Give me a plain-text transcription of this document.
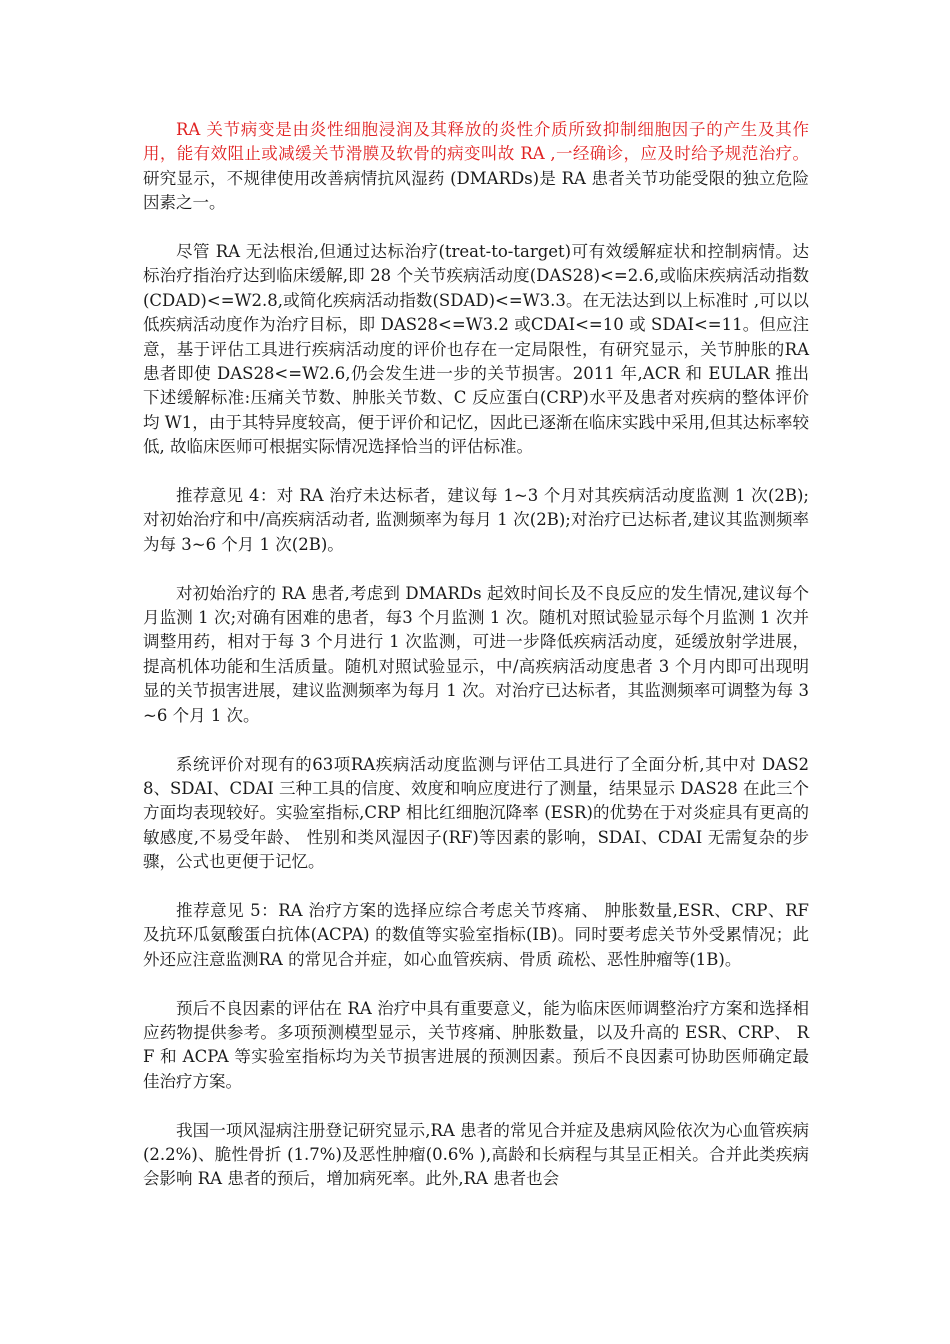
RA 关节病变是由炎性细胞浸润及其释放的炎性介质所致抑制细胞因子的产生及其作用，能有效阻止或减缓关节滑膜及软骨的病变叫故 RA ,一经确诊，应及时给予规范治疗。 研究显示，不规律使用改善病情抗风湿药 (DMARDs)是 RA 患者关节功能受限的独立危险因素之一。

尽管 RA 无法根治,但通过达标治疗(treat-to-target)可有效缓解症状和控制病情。达标治疗指治疗达到临床缓解,即 28 个关节疾病活动度(DAS28)<=2.6,或临床疾病活动指数(CDAD)<=W2.8,或简化疾病活动指数(SDAD)<=W3.3。在无法达到以上标准时 ,可以以低疾病活动度作为治疗目标，即 DAS28<=W3.2 或CDAI<=10 或 SDAI<=11。但应注意，基于评估工具进行疾病活动度的评价也存在一定局限性，有研究显示，关节肿胀的RA 患者即使 DAS28<=W2.6,仍会发生进一步的关节损害。2011 年,ACR 和 EULAR 推出下述缓解标准:压痛关节数、肿胀关节数、C 反应蛋白(CRP)水平及患者对疾病的整体评价均 W1，由于其特异度较高，便于评价和记忆，因此已逐渐在临床实践中采用,但其达标率较低, 故临床医师可根据实际情况选择恰当的评估标准。

推荐意见 4：对 RA 治疗未达标者，建议每 1~3 个月对其疾病活动度监测 1 次(2B);对初始治疗和中/高疾病活动者, 监测频率为每月 1 次(2B);对治疗已达标者,建议其监测频率为每 3~6 个月 1 次(2B)。

对初始治疗的 RA 患者,考虑到 DMARDs 起效时间长及不良反应的发生情况,建议每个月监测 1 次;对确有困难的患者，每3 个月监测 1 次。随机对照试验显示每个月监测 1 次并调整用药，相对于每 3 个月进行 1 次监测，可进一步降低疾病活动度，延缓放射学进展，提高机体功能和生活质量。随机对照试验显示，中/高疾病活动度患者 3 个月内即可出现明显的关节损害进展，建议监测频率为每月 1 次。对治疗已达标者，其监测频率可调整为每 3~6 个月 1 次。

系统评价对现有的63项RA疾病活动度监测与评估工具进行了全面分析,其中对 DAS28、SDAI、CDAI 三种工具的信度、效度和响应度进行了测量，结果显示 DAS28 在此三个方面均表现较好。实验室指标,CRP 相比红细胞沉降率 (ESR)的优势在于对炎症具有更高的敏感度,不易受年龄、 性别和类风湿因子(RF)等因素的影响，SDAI、CDAI 无需复杂的步骤，公式也更便于记忆。

推荐意见 5：RA 治疗方案的选择应综合考虑关节疼痛、 肿胀数量,ESR、CRP、RF 及抗环瓜氨酸蛋白抗体(ACPA) 的数值等实验室指标(IB)。同时要考虑关节外受累情况；此外还应注意监测RA 的常见合并症，如心血管疾病、骨质 疏松、恶性肿瘤等(1B)。

预后不良因素的评估在 RA 治疗中具有重要意义，能为临床医师调整治疗方案和选择相应药物提供参考。多项预测模型显示，关节疼痛、肿胀数量，以及升高的 ESR、CRP、 RF 和 ACPA 等实验室指标均为关节损害进展的预测因素。预后不良因素可协助医师确定最佳治疗方案。

我国一项风湿病注册登记研究显示,RA 患者的常见合并症及患病风险依次为心血管疾病(2.2%)、脆性骨折 (1.7%)及恶性肿瘤(0.6% ),高龄和长病程与其呈正相关。合并此类疾病会影响 RA 患者的预后，增加病死率。此外,RA 患者也会
